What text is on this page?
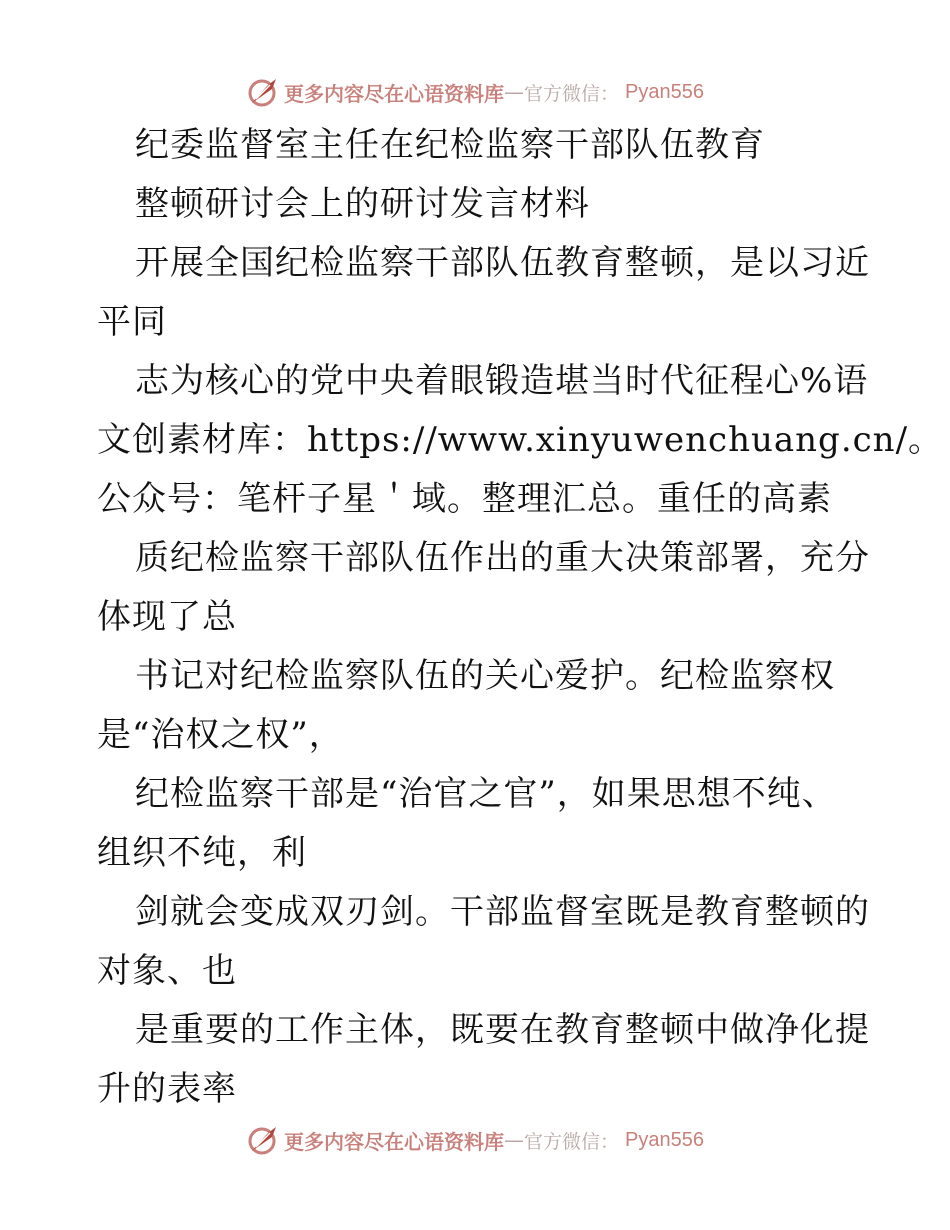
更多内容尽在心语资料库 — 官方微信： Pyan556
纪委监督室主任在纪检监察干部队伍教育
整顿研讨会上的研讨发言材料
开展全国纪检监察干部队伍教育整顿，是以习近
平同
志为核心的党中央着眼锻造堪当时代征程心%语
文创素材库：https://www.xinyuwenchuang.cn/。
公众号：笔杆子星＇域。整理汇总。重任的高素
质纪检监察干部队伍作出的重大决策部署，充分
体现了总
书记对纪检监察队伍的关心爱护。纪检监察权
是“治权之权”，
纪检监察干部是“治官之官”，如果思想不纯、
组织不纯，利
剑就会变成双刃剑。干部监督室既是教育整顿的
对象、也
是重要的工作主体，既要在教育整顿中做净化提
升的表率
更多内容尽在心语资料库 — 官方微信： Pyan556
